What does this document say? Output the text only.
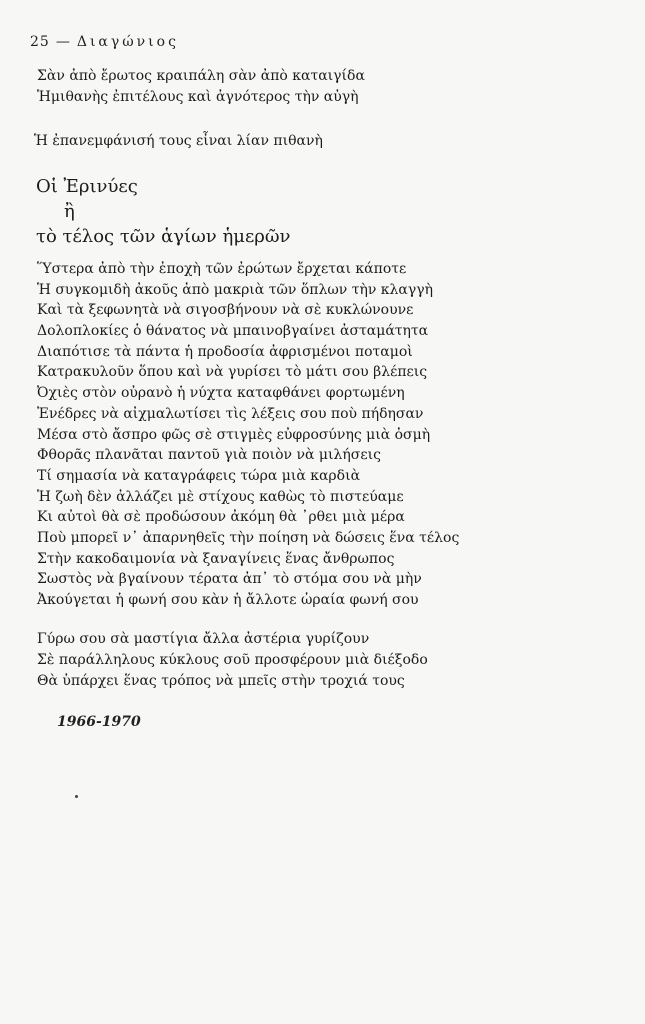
25 — Διαγώνιος
Σὰν ἀπὸ ἔρωτος κραιπάλη σὰν ἀπὸ καταιγίδα
Ἡμιθανὴς ἐπιτέλους καὶ ἁγνότερος τὴν αὐγὴ
Ἡ ἐπανεμφάνισή τους εἶναι λίαν πιθανὴ
Οἱ Ἐρινύες
ἢ
τὸ τέλος τῶν ἁγίων ἡμερῶν
Ὕστερα ἀπὸ τὴν ἐποχὴ τῶν ἐρώτων ἔρχεται κάποτε
Ἡ συγκομιδὴ ἀκοῦς ἀπὸ μακριὰ τῶν ὅπλων τὴν κλαγγὴ
Καὶ τὰ ξεφωνητὰ νὰ σιγοσβήνουν νὰ σὲ κυκλώνουνε
Δολοπλοκίες ὁ θάνατος νὰ μπαινοβγαίνει ἀσταμάτητα
Διαπότισε τὰ πάντα ἡ προδοσία ἀφρισμένοι ποταμοὶ
Κατρακυλοῦν ὅπου καὶ νὰ γυρίσει τὸ μάτι σου βλέπεις
Ὀχιὲς στὸν οὐρανὸ ἡ νύχτα καταφθάνει φορτωμένη
Ἐνέδρες νὰ αἰχμαλωτίσει τὶς λέξεις σου ποὺ πήδησαν
Μέσα στὸ ἄσπρο φῶς σὲ στιγμὲς εὐφροσύνης μιὰ ὀσμὴ
Φθορᾶς πλανᾶται παντοῦ γιὰ ποιὸν νὰ μιλήσεις
Τί σημασία νὰ καταγράφεις τώρα μιὰ καρδιὰ
Ἡ ζωὴ δὲν ἀλλάζει μὲ στίχους καθὼς τὸ πιστεύαμε
Κι αὐτοὶ θὰ σὲ προδώσουν ἀκόμη θὰ ᾿ρθει μιὰ μέρα
Ποὺ μπορεῖ ν᾿ ἀπαρνηθεῖς τὴν ποίηση νὰ δώσεις ἕνα τέλος
Στὴν κακοδαιμονία νὰ ξαναγίνεις ἕνας ἄνθρωπος
Σωστὸς νὰ βγαίνουν τέρατα ἀπ᾿ τὸ στόμα σου νὰ μὴν
Ἀκούγεται ἡ φωνή σου κὰν ἡ ἄλλοτε ὡραία φωνή σου
Γύρω σου σὰ μαστίγια ἄλλα ἀστέρια γυρίζουν
Σὲ παράλληλους κύκλους σοῦ προσφέρουν μιὰ διέξοδο
Θὰ ὑπάρχει ἕνας τρόπος νὰ μπεῖς στὴν τροχιά τους
1966-1970
